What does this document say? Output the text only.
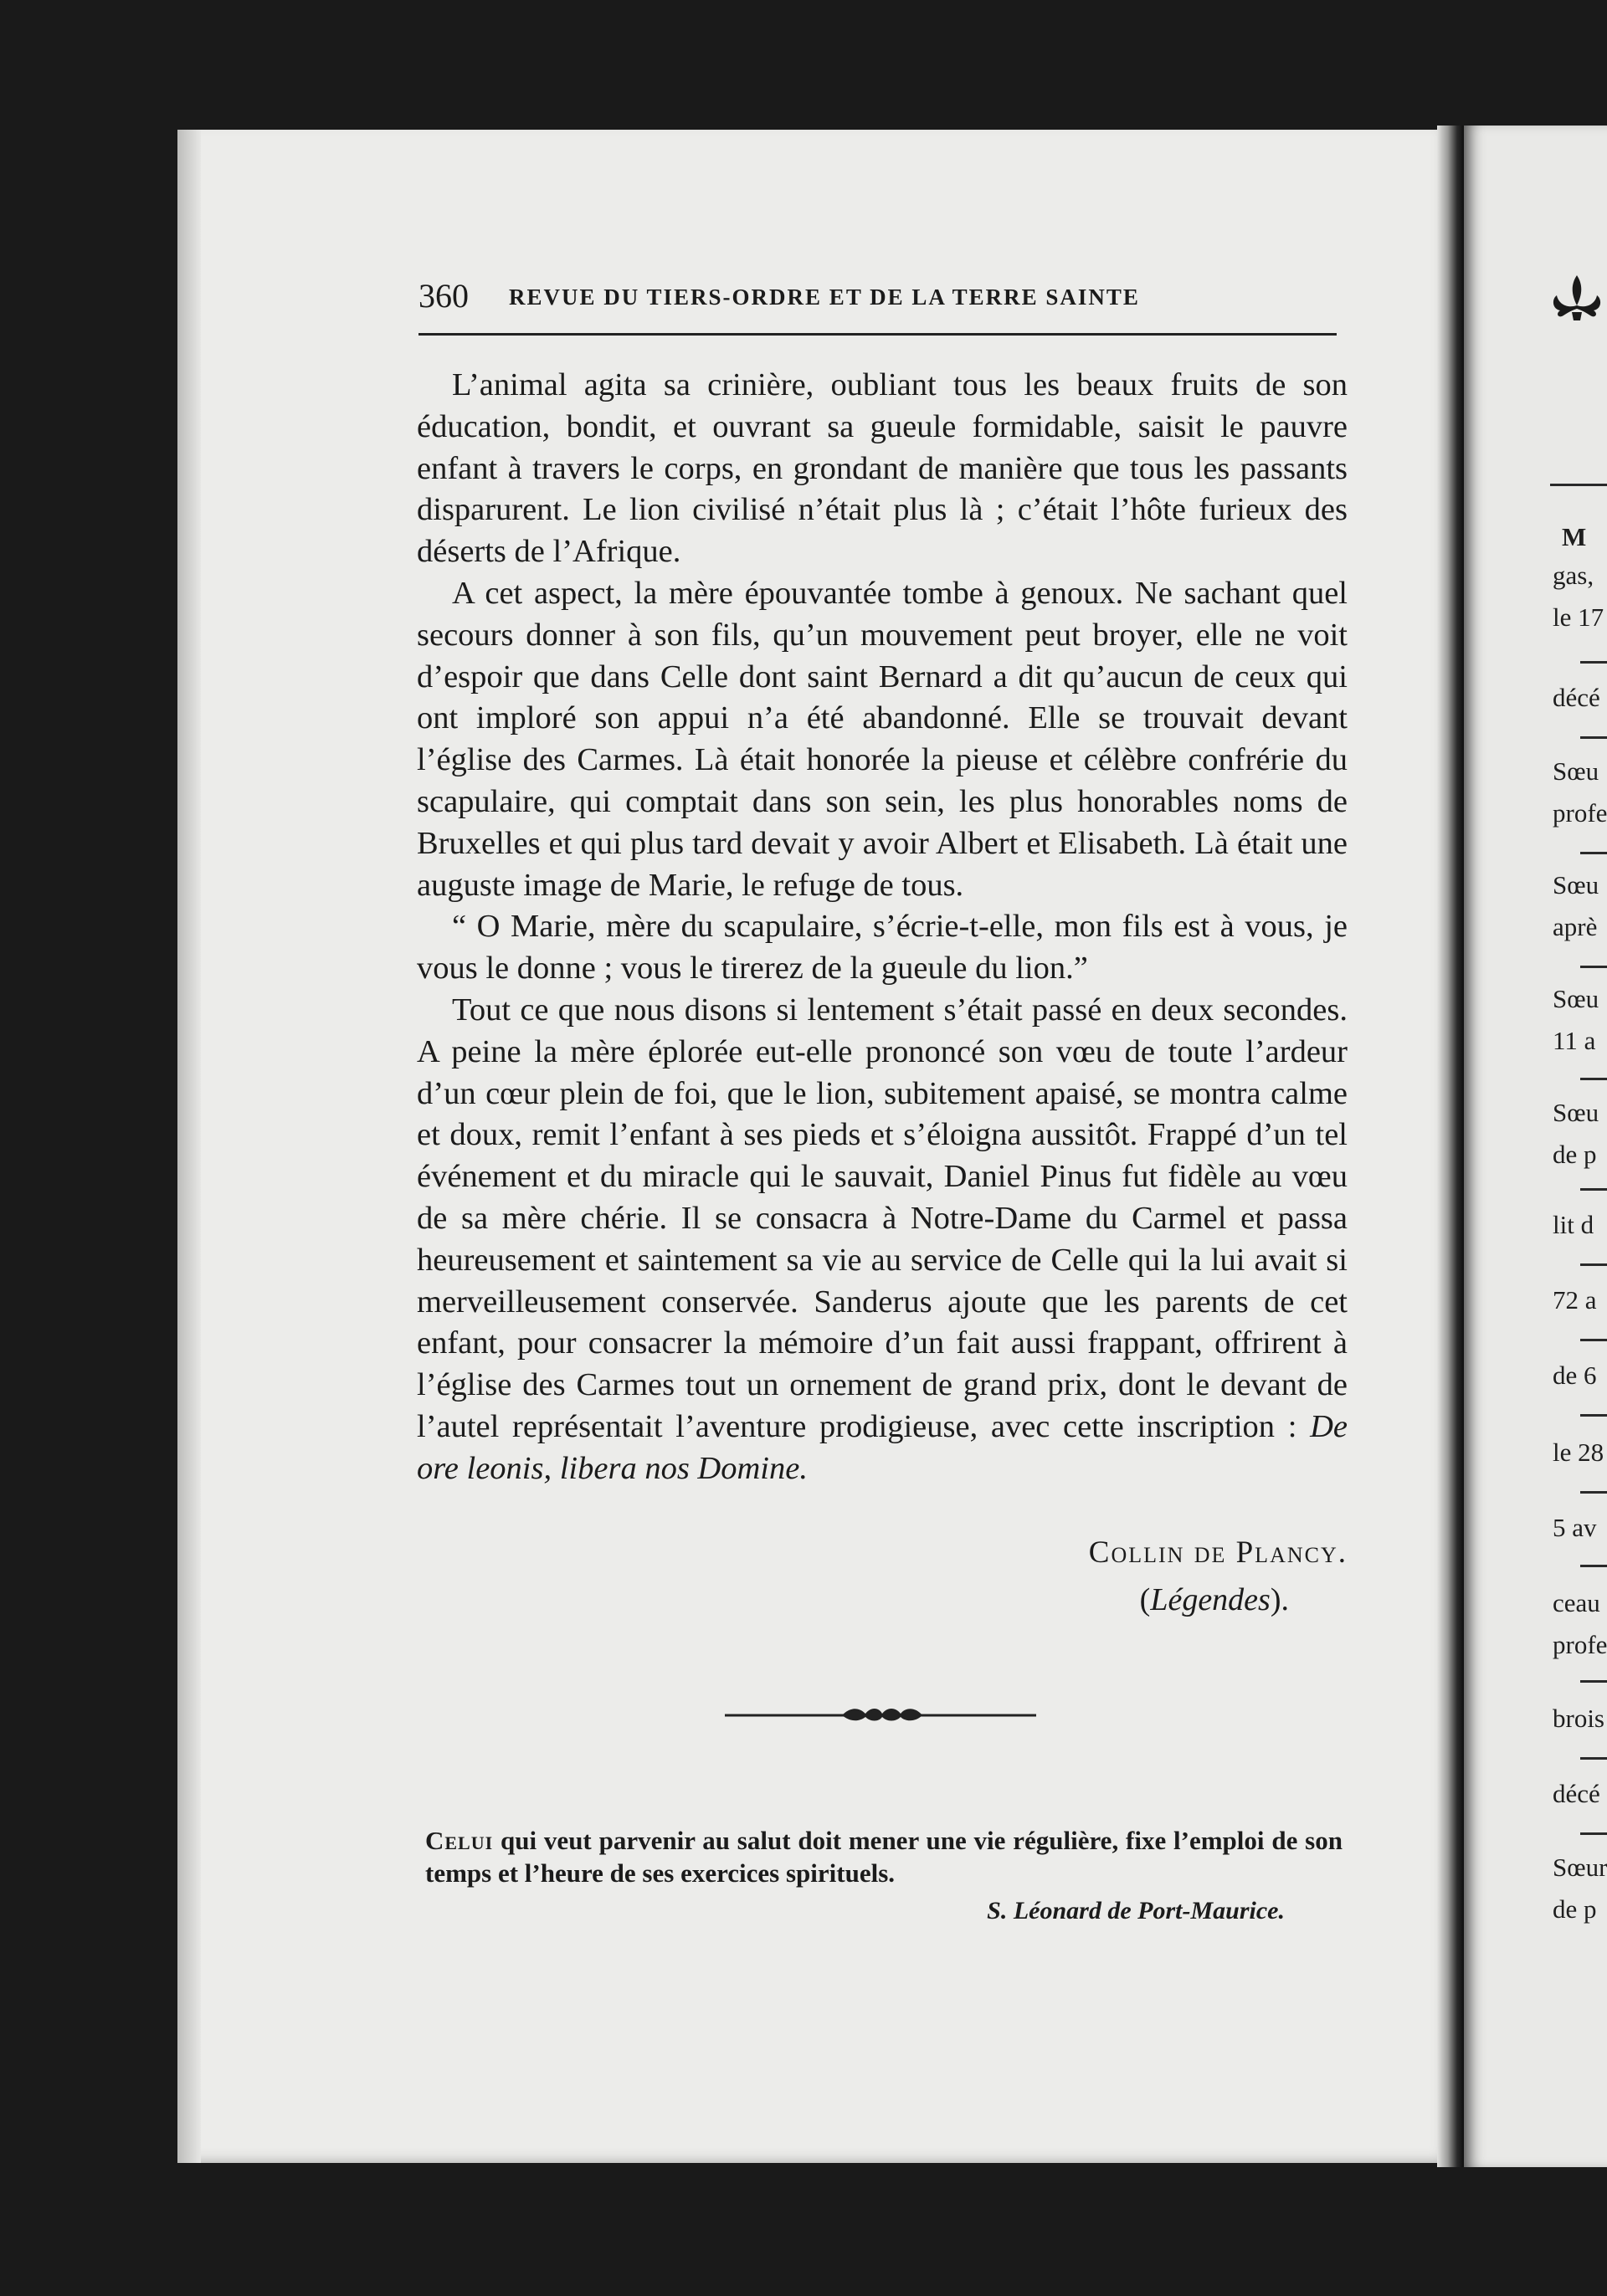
360 REVUE DU TIERS-ORDRE ET DE LA TERRE SAINTE

L’animal agita sa crinière, oubliant tous les beaux fruits de son éducation, bondit, et ouvrant sa gueule formidable, saisit le pauvre enfant à travers le corps, en grondant de manière que tous les passants disparurent. Le lion civilisé n’était plus là ; c’était l’hôte furieux des déserts de l’Afrique.

A cet aspect, la mère épouvantée tombe à genoux. Ne sachant quel secours donner à son fils, qu’un mouvement peut broyer, elle ne voit d’espoir que dans Celle dont saint Bernard a dit qu’aucun de ceux qui ont imploré son appui n’a été abandonné. Elle se trouvait devant l’église des Carmes. Là était honorée la pieuse et célèbre confrérie du scapulaire, qui comptait dans son sein, les plus honorables noms de Bruxelles et qui plus tard devait y avoir Albert et Elisabeth. Là était une auguste image de Marie, le refuge de tous.

“ O Marie, mère du scapulaire, s’écrie-t-elle, mon fils est à vous, je vous le donne ; vous le tirerez de la gueule du lion.”

Tout ce que nous disons si lentement s’était passé en deux secondes. A peine la mère éplorée eut-elle prononcé son vœu de toute l’ardeur d’un cœur plein de foi, que le lion, subitement apaisé, se montra calme et doux, remit l’enfant à ses pieds et s’éloigna aussitôt. Frappé d’un tel événement et du miracle qui le sauvait, Daniel Pinus fut fidèle au vœu de sa mère chérie. Il se consacra à Notre-Dame du Carmel et passa heureusement et saintement sa vie au service de Celle qui la lui avait si merveilleusement conservée. Sanderus ajoute que les parents de cet enfant, pour consacrer la mémoire d’un fait aussi frappant, offrirent à l’église des Carmes tout un ornement de grand prix, dont le devant de l’autel représentait l’aventure prodigieuse, avec cette inscription : De ore leonis, libera nos Domine.

Collin de Plancy.
(Légendes).
Celui qui veut parvenir au salut doit mener une vie régulière, fixe l’emploi de son temps et l’heure de ses exercices spirituels.
S. Léonard de Port-Maurice.
M
gas,
le 17
décé
Sœu
profe
Sœu
aprè
Sœu
11 a
Sœu
de p
lit d
72 a
de 6
le 28
5 av
ceau
profe
brois
décé
Sœur
de p
